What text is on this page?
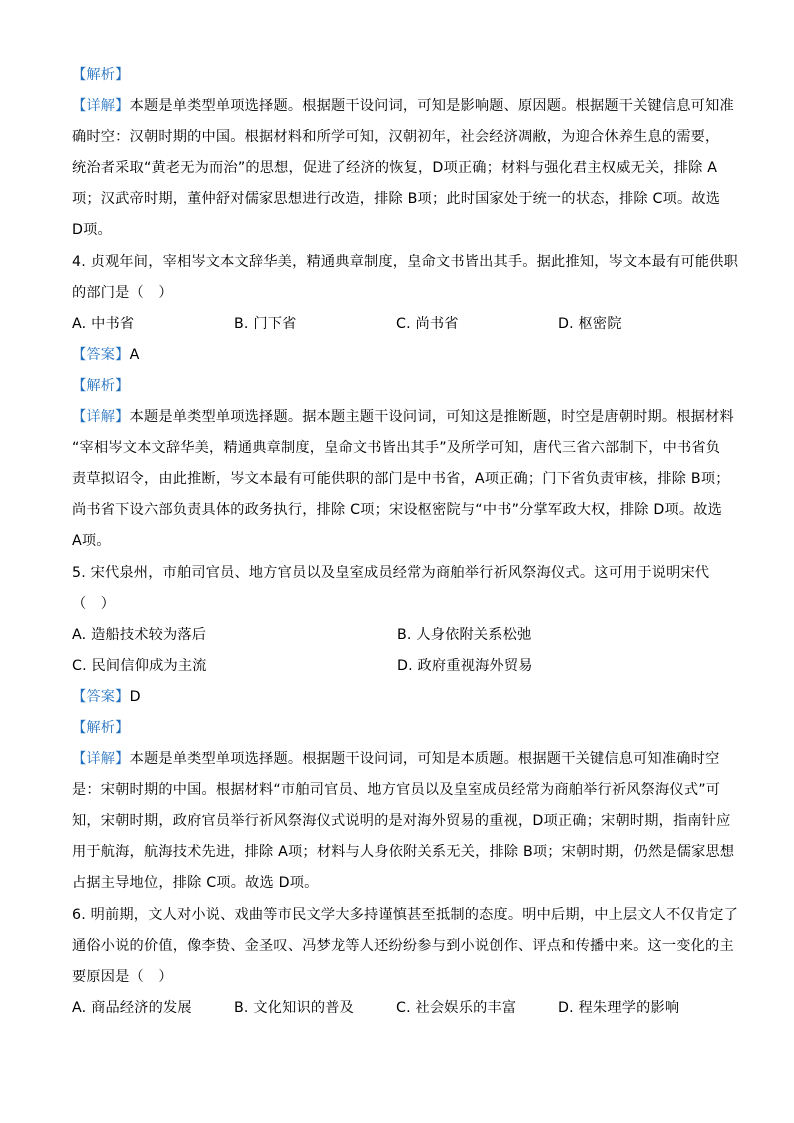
【解析】
【详解】本题是单类型单项选择题。根据题干设问词，可知是影响题、原因题。根据题干关键信息可知准
确时空：汉朝时期的中国。根据材料和所学可知，汉朝初年，社会经济凋敝，为迎合休养生息的需要，
统治者采取“黄老无为而治”的思想，促进了经济的恢复，D项正确；材料与强化君主权威无关，排除 A
项；汉武帝时期，董仲舒对儒家思想进行改造，排除 B项；此时国家处于统一的状态，排除 C项。故选
D项。
4. 贞观年间，宰相岑文本文辞华美，精通典章制度，皇命文书皆出其手。据此推知，岑文本最有可能供职
的部门是（　）
A. 中书省	B. 门下省	C. 尚书省	D. 枢密院
【答案】A
【解析】
【详解】本题是单类型单项选择题。据本题主题干设问词，可知这是推断题，时空是唐朝时期。根据材料
“宰相岑文本文辞华美，精通典章制度，皇命文书皆出其手”及所学可知，唐代三省六部制下，中书省负
责草拟诏令，由此推断，岑文本最有可能供职的部门是中书省，A项正确；门下省负责审核，排除 B项；
尚书省下设六部负责具体的政务执行，排除 C项；宋设枢密院与“中书”分掌军政大权，排除 D项。故选
A项。
5. 宋代泉州，市舶司官员、地方官员以及皇室成员经常为商舶举行祈风祭海仪式。这可用于说明宋代
（　）
A. 造船技术较为落后	B. 人身依附关系松弛
C. 民间信仰成为主流	D. 政府重视海外贸易
【答案】D
【解析】
【详解】本题是单类型单项选择题。根据题干设问词，可知是本质题。根据题干关键信息可知准确时空
是：宋朝时期的中国。根据材料“市舶司官员、地方官员以及皇室成员经常为商舶举行祈风祭海仪式”可
知，宋朝时期，政府官员举行祈风祭海仪式说明的是对海外贸易的重视，D项正确；宋朝时期，指南针应
用于航海，航海技术先进，排除 A项；材料与人身依附关系无关，排除 B项；宋朝时期，仍然是儒家思想
占据主导地位，排除 C项。故选 D项。
6. 明前期，文人对小说、戏曲等市民文学大多持谨慎甚至抵制的态度。明中后期，中上层文人不仅肯定了
通俗小说的价值，像李贽、金圣叹、冯梦龙等人还纷纷参与到小说创作、评点和传播中来。这一变化的主
要原因是（　）
A. 商品经济的发展	B. 文化知识的普及	C. 社会娱乐的丰富	D. 程朱理学的影响
